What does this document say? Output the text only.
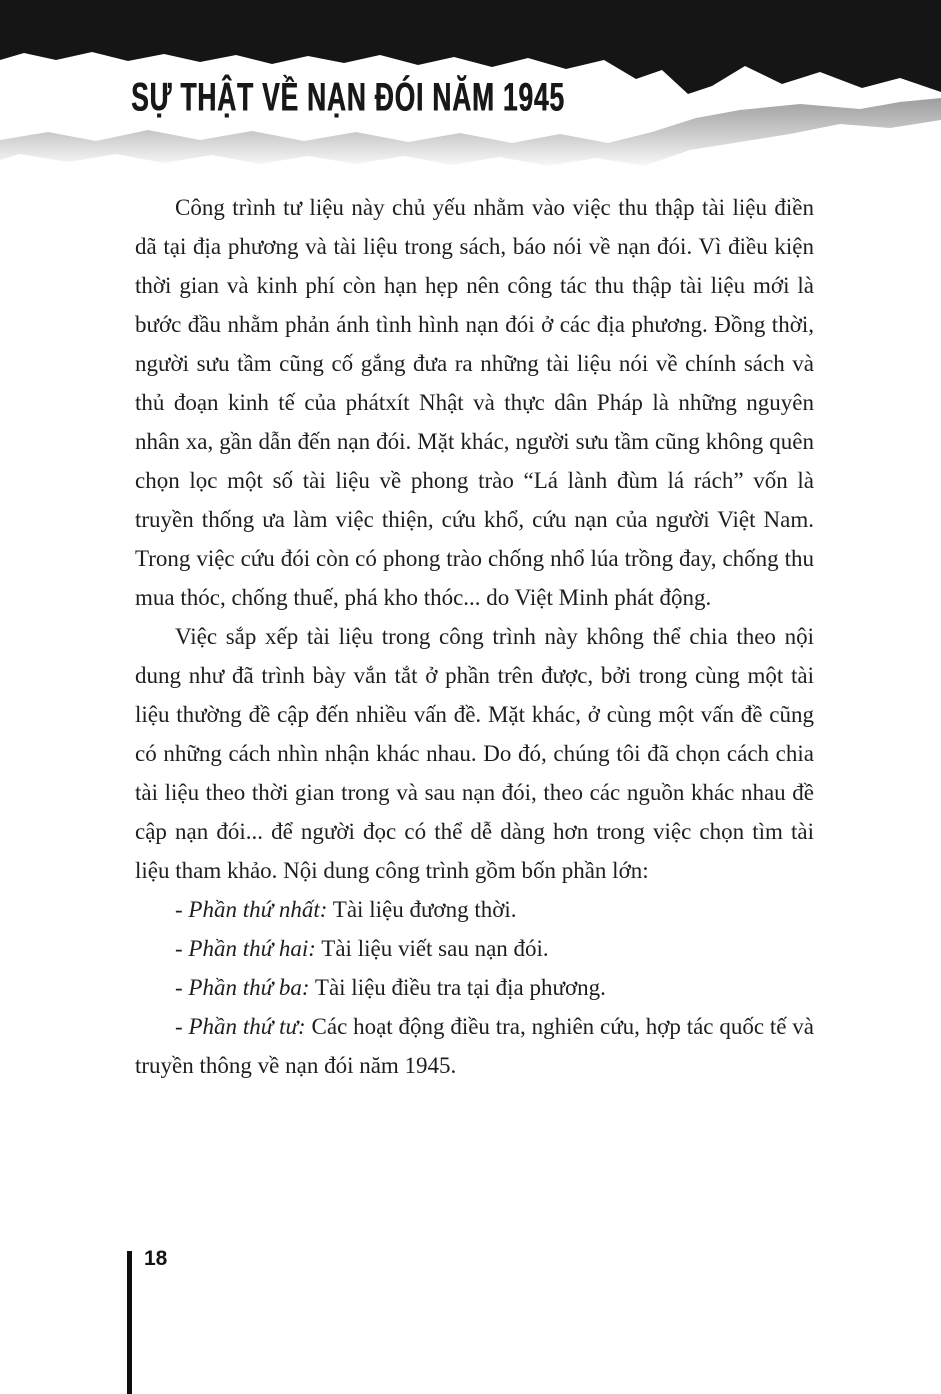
SỰ THẬT VỀ NẠN ĐÓI NĂM 1945

Công trình tư liệu này chủ yếu nhằm vào việc thu thập tài liệu điền dã tại địa phương và tài liệu trong sách, báo nói về nạn đói. Vì điều kiện thời gian và kinh phí còn hạn hẹp nên công tác thu thập tài liệu mới là bước đầu nhằm phản ánh tình hình nạn đói ở các địa phương. Đồng thời, người sưu tầm cũng cố gắng đưa ra những tài liệu nói về chính sách và thủ đoạn kinh tế của phátxít Nhật và thực dân Pháp là những nguyên nhân xa, gần dẫn đến nạn đói. Mặt khác, người sưu tầm cũng không quên chọn lọc một số tài liệu về phong trào “Lá lành đùm lá rách” vốn là truyền thống ưa làm việc thiện, cứu khổ, cứu nạn của người Việt Nam. Trong việc cứu đói còn có phong trào chống nhổ lúa trồng đay, chống thu mua thóc, chống thuế, phá kho thóc... do Việt Minh phát động.

Việc sắp xếp tài liệu trong công trình này không thể chia theo nội dung như đã trình bày vắn tắt ở phần trên được, bởi trong cùng một tài liệu thường đề cập đến nhiều vấn đề. Mặt khác, ở cùng một vấn đề cũng có những cách nhìn nhận khác nhau. Do đó, chúng tôi đã chọn cách chia tài liệu theo thời gian trong và sau nạn đói, theo các nguồn khác nhau đề cập nạn đói... để người đọc có thể dễ dàng hơn trong việc chọn tìm tài liệu tham khảo. Nội dung công trình gồm bốn phần lớn:

- Phần thứ nhất: Tài liệu đương thời.

- Phần thứ hai: Tài liệu viết sau nạn đói.

- Phần thứ ba: Tài liệu điều tra tại địa phương.

- Phần thứ tư: Các hoạt động điều tra, nghiên cứu, hợp tác quốc tế và truyền thông về nạn đói năm 1945.

18
